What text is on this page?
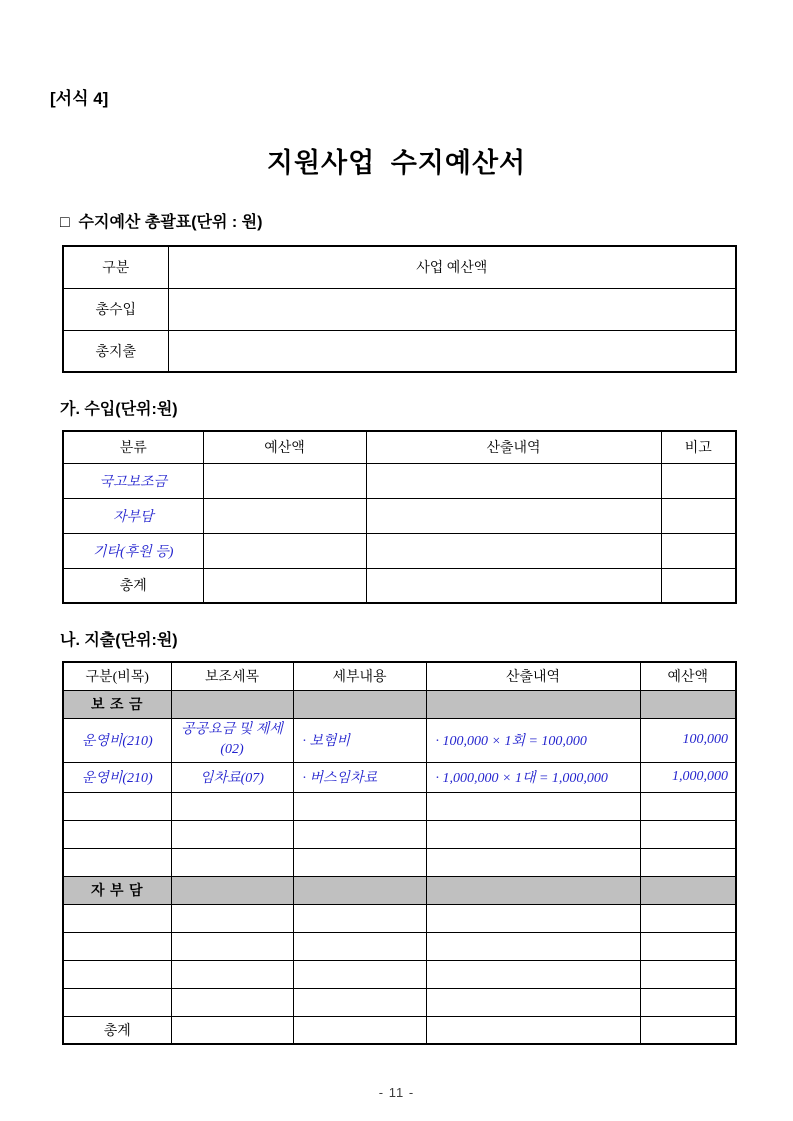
[서식 4]
지원사업  수지예산서
□  수지예산 총괄표(단위 : 원)
구분	사업 예산액
총수입	
총지출	
가. 수입(단위:원)
분류	예산액	산출내역	비고
국고보조금			
자부담			
기타(후원 등)			
총계			
나. 지출(단위:원)
구분(비목)	보조세목	세부내용	산출내역	예산액
보 조 금				
운영비(210)	공공요금 및 제세(02)	· 보험비	· 100,000 × 1회 = 100,000	100,000
운영비(210)	임차료(07)	· 버스임차료	· 1,000,000 × 1대 = 1,000,000	1,000,000

자 부 담				

총계				
- 11 -
